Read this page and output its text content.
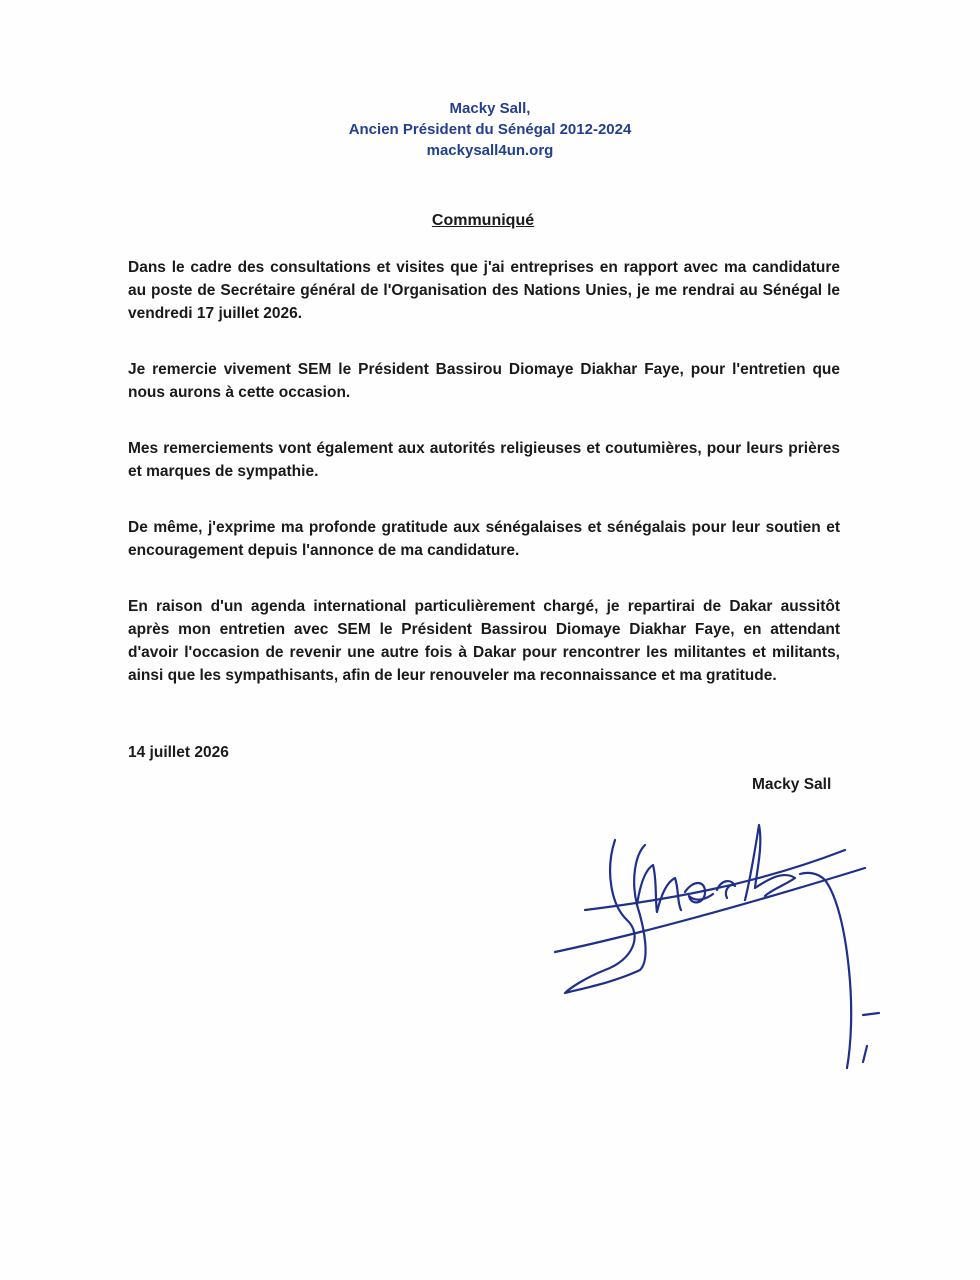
Macky Sall,
Ancien Président du Sénégal 2012-2024
mackysall4un.org
Communiqué

Dans le cadre des consultations et visites que j'ai entreprises en rapport avec ma candidature au poste de Secrétaire général de l'Organisation des Nations Unies, je me rendrai au Sénégal le vendredi 17 juillet 2026.

Je remercie vivement SEM le Président Bassirou Diomaye Diakhar Faye, pour l'entretien que nous aurons à cette occasion.

Mes remerciements vont également aux autorités religieuses et coutumières, pour leurs prières et marques de sympathie.

De même, j'exprime ma profonde gratitude aux sénégalaises et sénégalais pour leur soutien et encouragement depuis l'annonce de ma candidature.

En raison d'un agenda international particulièrement chargé, je repartirai de Dakar aussitôt après mon entretien avec SEM le Président Bassirou Diomaye Diakhar Faye, en attendant d'avoir l'occasion de revenir une autre fois à Dakar pour rencontrer les militantes et militants, ainsi que les sympathisants, afin de leur renouveler ma reconnaissance et ma gratitude.

14 juillet 2026
Macky Sall
